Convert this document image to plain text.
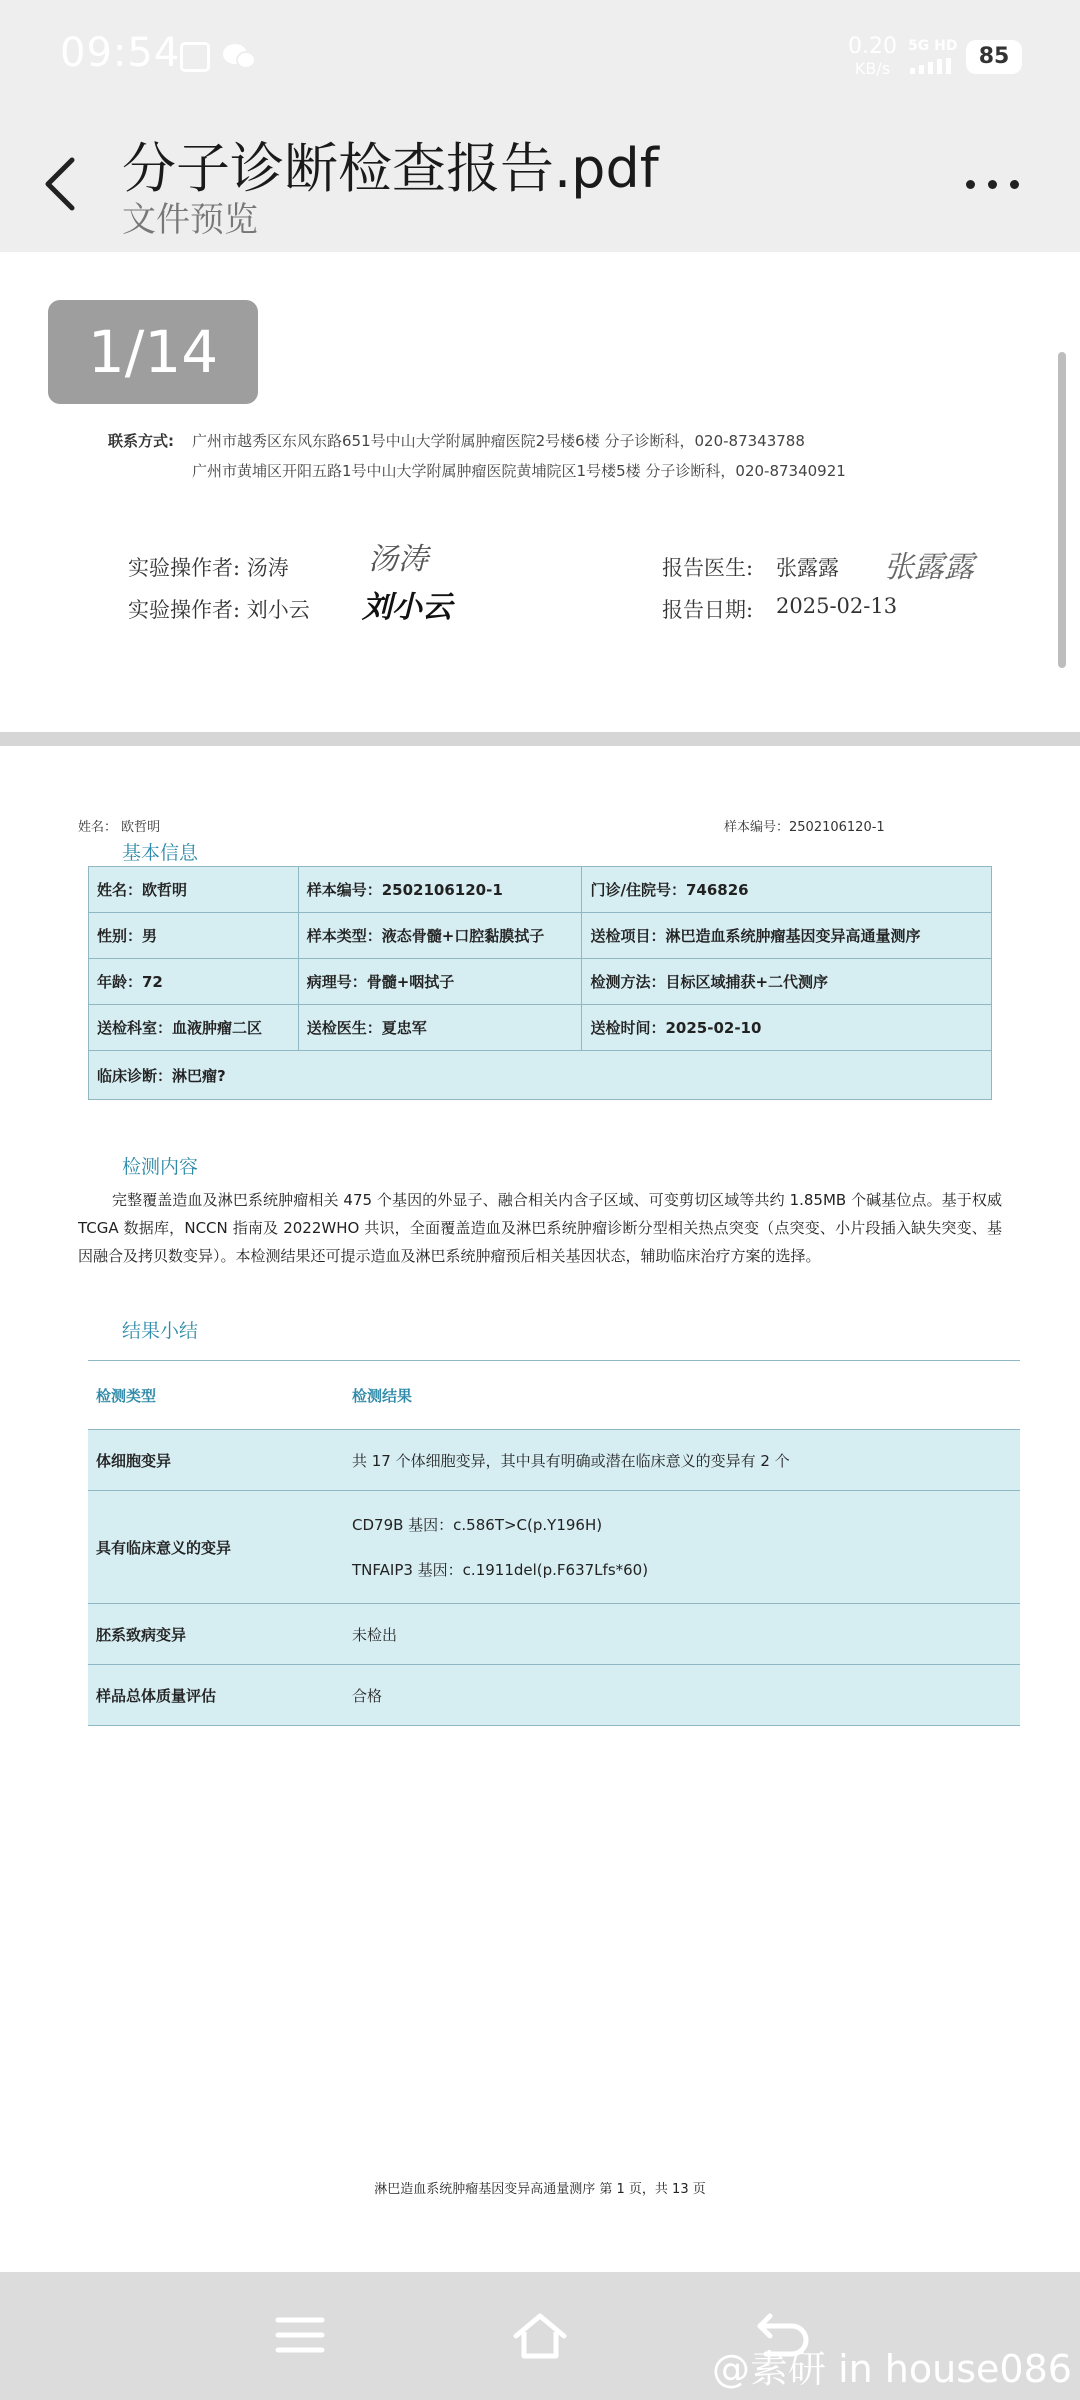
09:54	0.20
KB/s
5G HD 85
分子诊断检查报告.pdf
文件预览
联系方式: 广州市越秀区东风东路651号中山大学附属肿瘤医院2号楼6楼 分子诊断科，020-87343788
广州市黄埔区开阳五路1号中山大学附属肿瘤医院黄埔院区1号楼5楼 分子诊断科，020-87340921
实验操作者: 汤涛	汤涛
实验操作者: 刘小云 刘小云
报告医生: 张露露 张露露
报告日期: 2025-02-13
姓名： 欧哲明	样本编号：2502106120-1
基本信息
姓名：欧哲明	样本编号：2502106120-1	门诊/住院号：746826
性别：男	样本类型：液态骨髓+口腔黏膜拭子	送检项目：淋巴造血系统肿瘤基因变异高通量测序
年龄：72	病理号：骨髓+咽拭子	检测方法：目标区域捕获+二代测序
送检科室：血液肿瘤二区	送检医生：夏忠军	送检时间：2025-02-10
临床诊断：淋巴瘤?		
检测内容
完整覆盖造血及淋巴系统肿瘤相关 475 个基因的外显子、融合相关内含子区域、可变剪切区域等共约 1.85MB 个碱基位点。基于权威 TCGA 数据库，NCCN 指南及 2022WHO 共识，全面覆盖造血及淋巴系统肿瘤诊断分型相关热点突变（点突变、小片段插入缺失突变、基因融合及拷贝数变异）。本检测结果还可提示造血及淋巴系统肿瘤预后相关基因状态，辅助临床治疗方案的选择。
结果小结
检测类型	检测结果
体细胞变异	共 17 个体细胞变异，其中具有明确或潜在临床意义的变异有 2 个
具有临床意义的变异
CD79B 基因：c.586T>C(p.Y196H)
TNFAIP3 基因：c.1911del(p.F637Lfs*60)
胚系致病变异	未检出
样品总体质量评估	合格
淋巴造血系统肿瘤基因变异高通量测序 第 1 页，共 13 页
1/14
@素研 in house086
